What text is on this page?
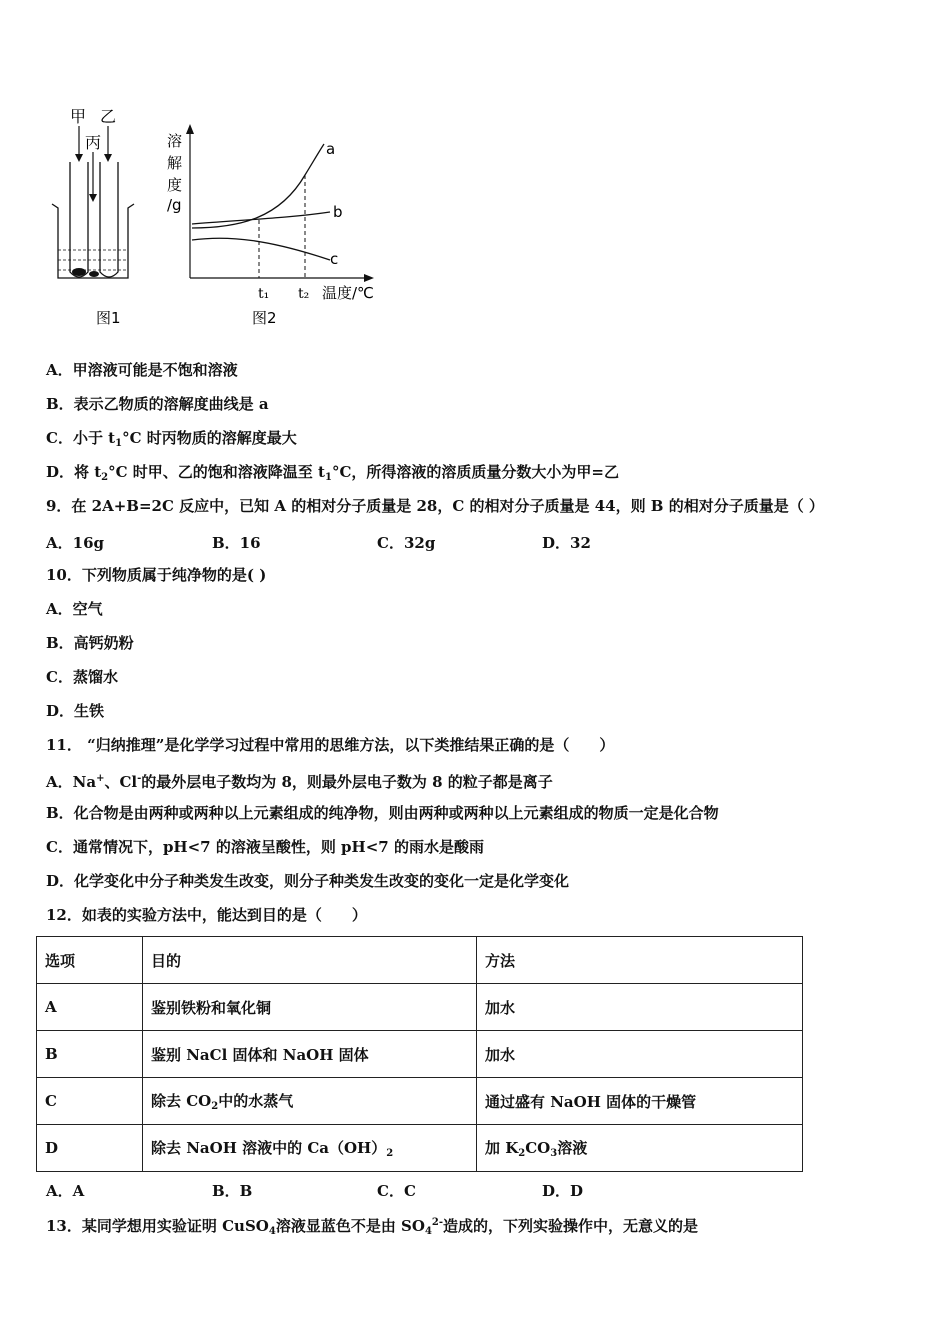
甲 乙
丙
图1
溶
解
度
/g
a
b
c
t₁ t₂ 温度/℃
图2
A．甲溶液可能是不饱和溶液
B．表示乙物质的溶解度曲线是 a
C．小于 $t_1^\circ C$ 时丙物质的溶解度最大
D．将 $t_2^\circ C$ 时甲、乙的饱和溶液降温至 $t_1^\circ C$，所得溶液的溶质质量分数大小为甲=乙
9．在 2A+B=2C 反应中，已知 A 的相对分子质量是 28，C 的相对分子质量是 44，则 B 的相对分子质量是（ ）
A．16g	B．16	C．32g	D．32
10．下列物质属于纯净物的是( )
A．空气
B．高钙奶粉
C．蒸馏水
D．生铁
11． “归纳推理”是化学学习过程中常用的思维方法，以下类推结果正确的是（　　）
A．Na+、Cl-的最外层电子数均为 8，则最外层电子数为 8 的粒子都是离子
B．化合物是由两种或两种以上元素组成的纯净物，则由两种或两种以上元素组成的物质一定是化合物
C．通常情况下，pH<7 的溶液呈酸性，则 pH<7 的雨水是酸雨
D．化学变化中分子种类发生改变，则分子种类发生改变的变化一定是化学变化
12．如表的实验方法中，能达到目的是（　　）
选项	目的	方法
A	鉴别铁粉和氧化铜	加水
B	鉴别 NaCl 固体和 NaOH 固体	加水
C	除去 $CO_2$中的水蒸气	通过盛有 NaOH 固体的干燥管
D	除去 NaOH 溶液中的 $Ca(OH)_2$	加 $K_2CO_3$溶液
A．A	B．B	C．C	D．D
13．某同学想用实验证明 CuSO$_4$溶液显蓝色不是由 $SO_4^{2-}$造成的，下列实验操作中，无意义的是
